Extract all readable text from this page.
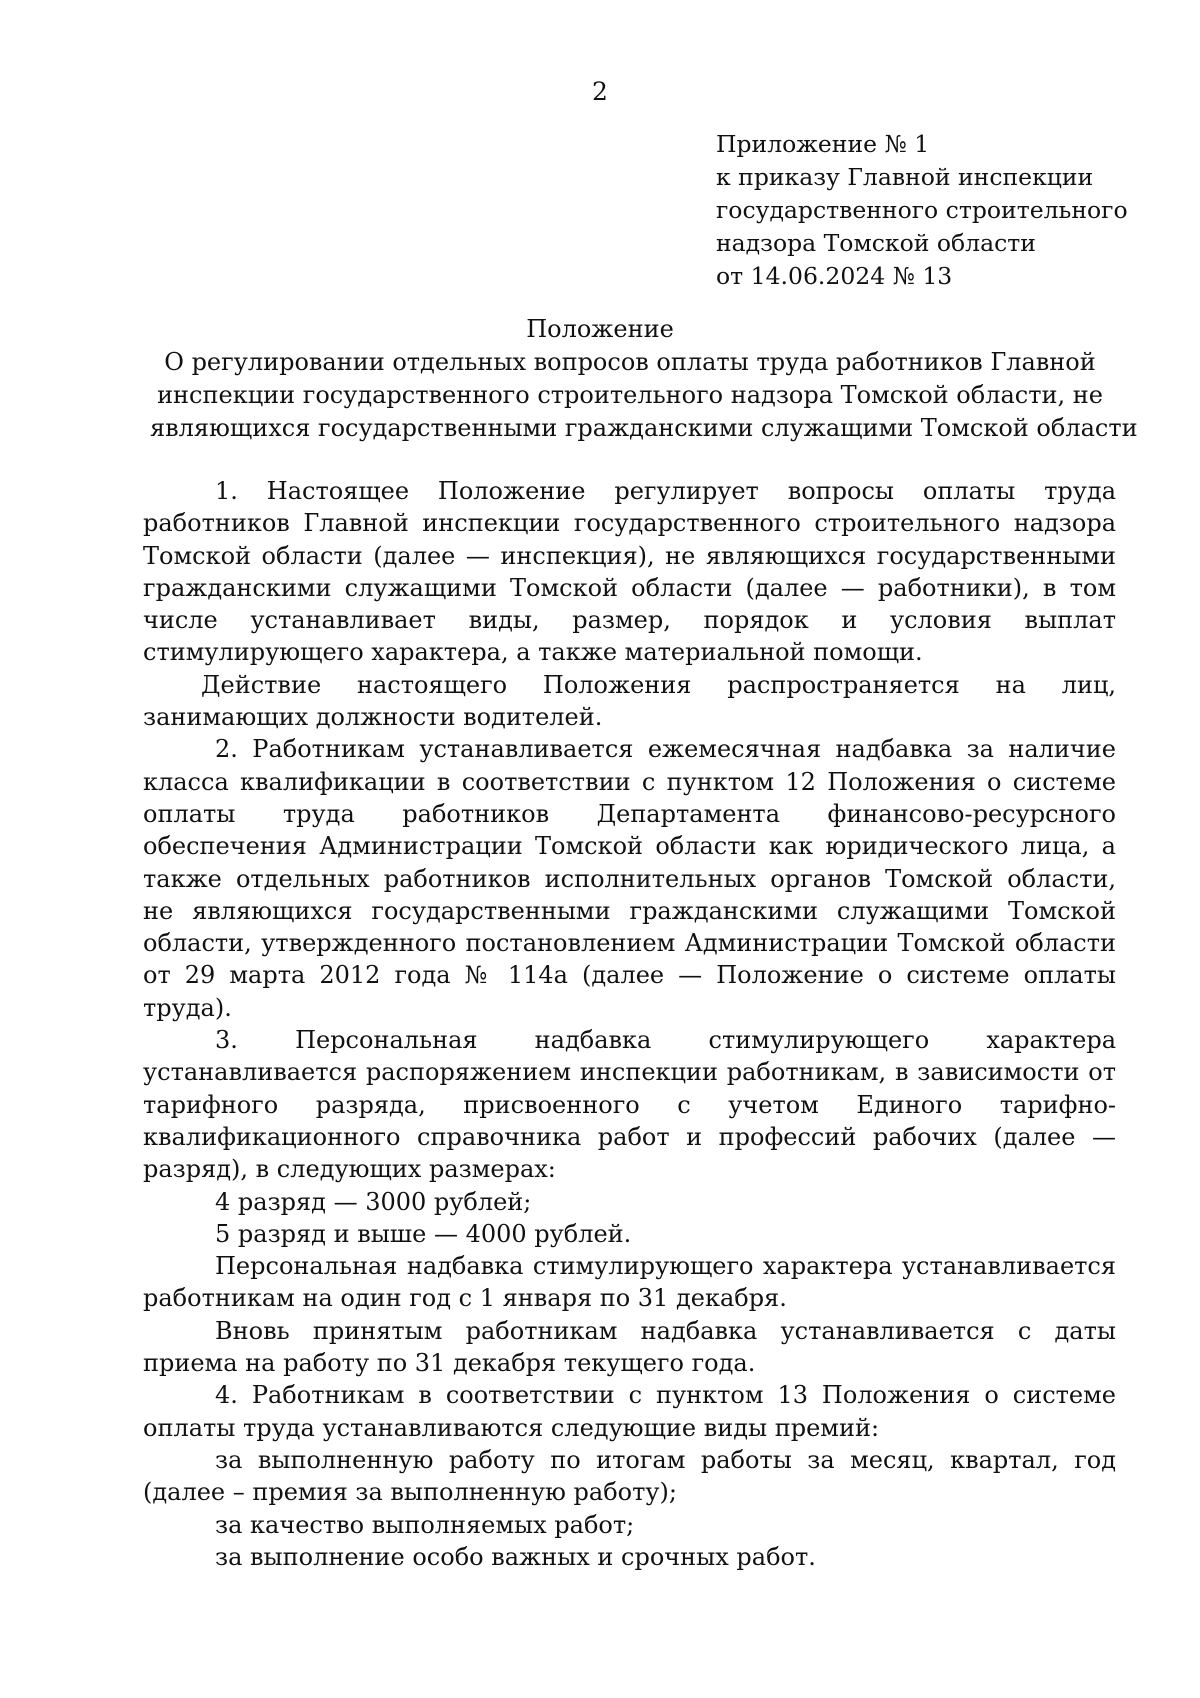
2
Приложение № 1
к приказу Главной инспекции
государственного строительного
надзора Томской области
от 14.06.2024 № 13
Положение
О регулировании отдельных вопросов оплаты труда работников Главной
инспекции государственного строительного надзора Томской области, не
являющихся государственными гражданскими служащими Томской области

1. Настоящее Положение регулирует вопросы оплаты труда работников Главной инспекции государственного строительного надзора Томской области (далее — инспекция), не являющихся государственными гражданскими служащими Томской области (далее — работники), в том числе устанавливает виды, размер, порядок и условия выплат стимулирующего характера, а также материальной помощи.

Действие настоящего Положения распространяется на лиц, занимающих должности водителей.

2. Работникам устанавливается ежемесячная надбавка за наличие класса квалификации в соответствии с пунктом 12 Положения о системе оплаты труда работников Департамента финансово-ресурсного обеспечения Администрации Томской области как юридического лица, а также отдельных работников исполнительных органов Томской области,

не являющихся государственными гражданскими служащими Томской области, утвержденного постановлением Администрации Томской области от 29 марта 2012 года № 114а (далее — Положение о системе оплаты труда).

3. Персональная надбавка стимулирующего характера устанавливается распоряжением инспекции работникам, в зависимости от тарифного разряда, присвоенного с учетом Единого тарифно-квалификационного справочника работ и профессий рабочих (далее —разряд), в следующих размерах:

4 разряд — 3000 рублей;

5 разряд и выше — 4000 рублей.

Персональная надбавка стимулирующего характера устанавливается работникам на один год с 1 января по 31 декабря.

Вновь принятым работникам надбавка устанавливается с даты приема на работу по 31 декабря текущего года.

4. Работникам в соответствии с пунктом 13 Положения о системе оплаты труда устанавливаются следующие виды премий:

за выполненную работу по итогам работы за месяц, квартал, год (далее – премия за выполненную работу);

за качество выполняемых работ;

за выполнение особо важных и срочных работ.
